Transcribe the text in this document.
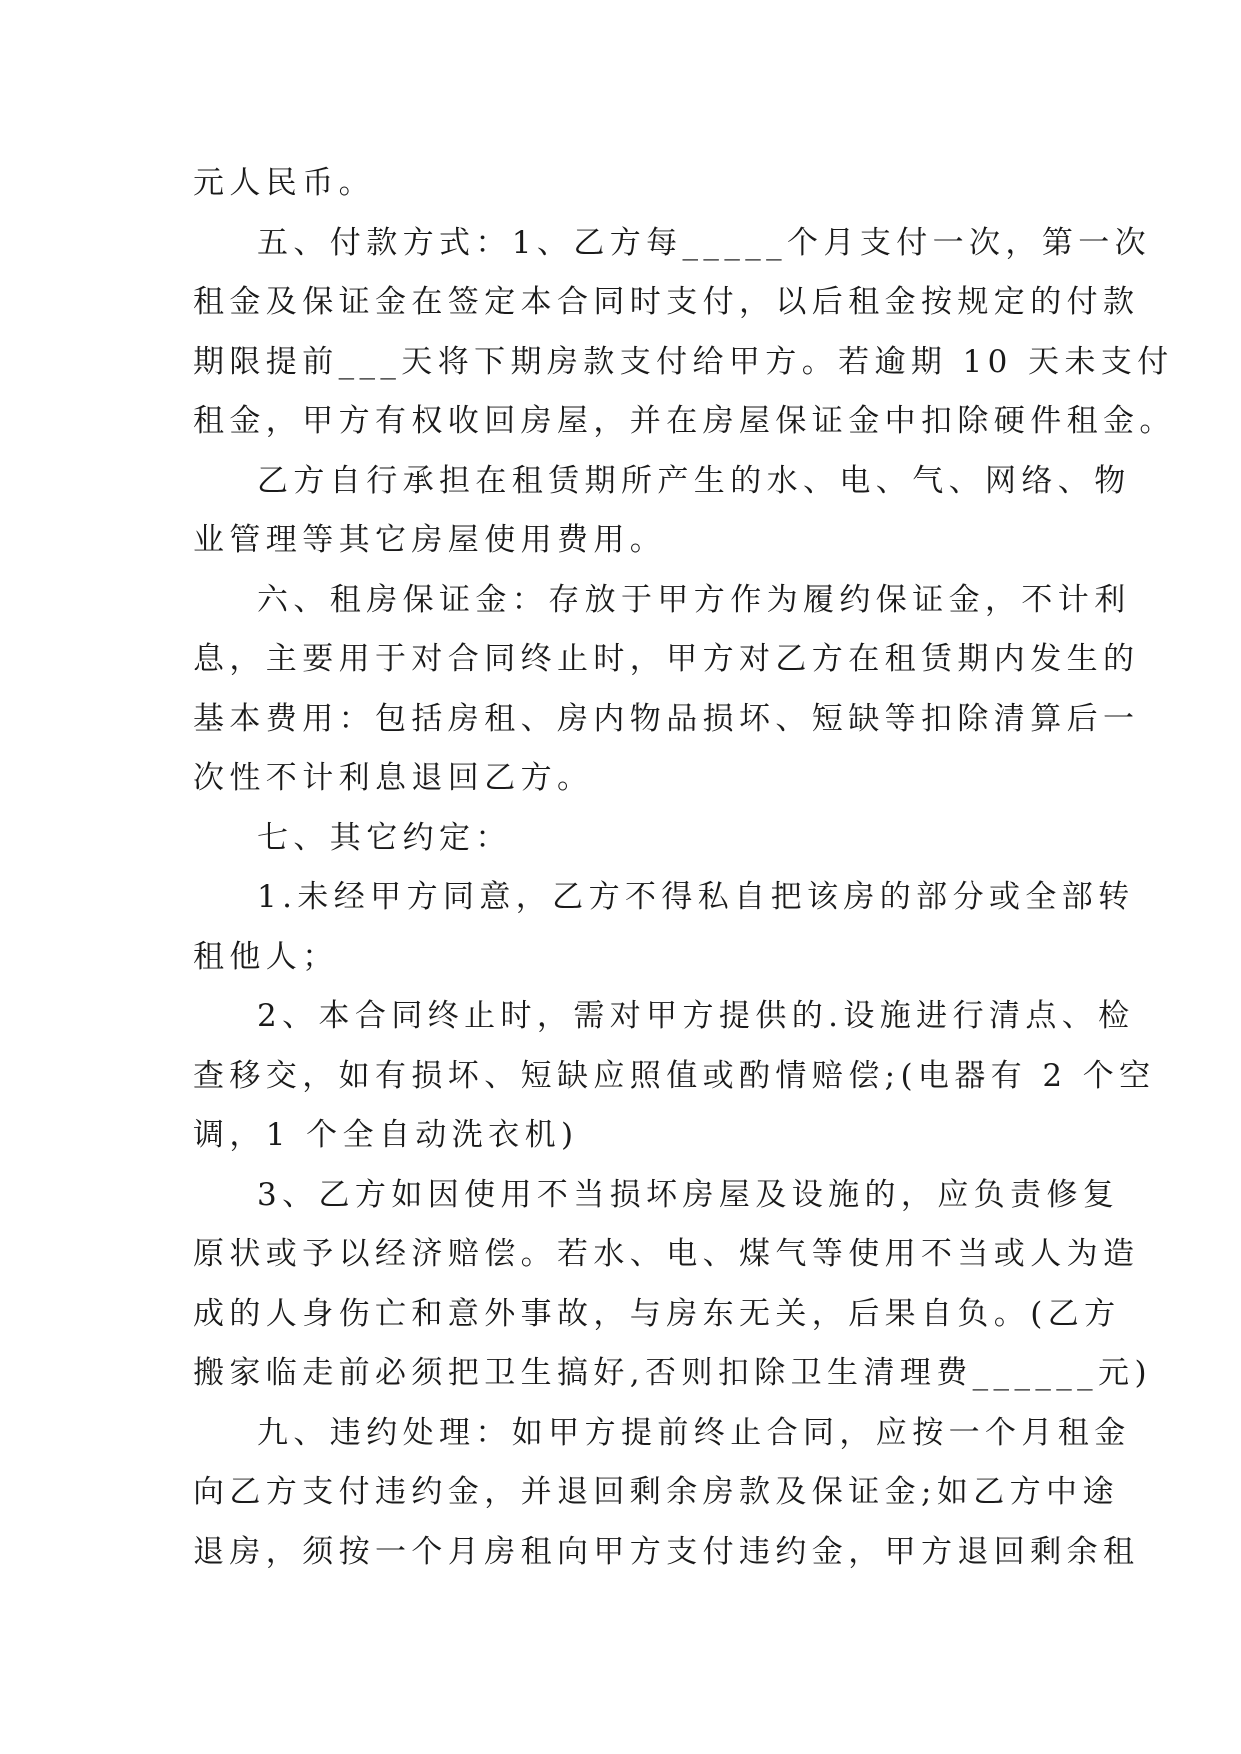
元人民币。

五、付款方式：1、乙方每_____个月支付一次，第一次
租金及保证金在签定本合同时支付，以后租金按规定的付款
期限提前___天将下期房款支付给甲方。若逾期 10 天未支付
租金，甲方有权收回房屋，并在房屋保证金中扣除硬件租金。

乙方自行承担在租赁期所产生的水、电、气、网络、物
业管理等其它房屋使用费用。

六、租房保证金：存放于甲方作为履约保证金，不计利
息，主要用于对合同终止时，甲方对乙方在租赁期内发生的
基本费用：包括房租、房内物品损坏、短缺等扣除清算后一
次性不计利息退回乙方。

七、其它约定：

1.未经甲方同意，乙方不得私自把该房的部分或全部转
租他人；

2、本合同终止时，需对甲方提供的.设施进行清点、检
查移交，如有损坏、短缺应照值或酌情赔偿;(电器有 2 个空
调，1 个全自动洗衣机)

3、乙方如因使用不当损坏房屋及设施的，应负责修复
原状或予以经济赔偿。若水、电、煤气等使用不当或人为造
成的人身伤亡和意外事故，与房东无关，后果自负。(乙方
搬家临走前必须把卫生搞好,否则扣除卫生清理费______元)

九、违约处理：如甲方提前终止合同，应按一个月租金
向乙方支付违约金，并退回剩余房款及保证金;如乙方中途
退房，须按一个月房租向甲方支付违约金，甲方退回剩余租
